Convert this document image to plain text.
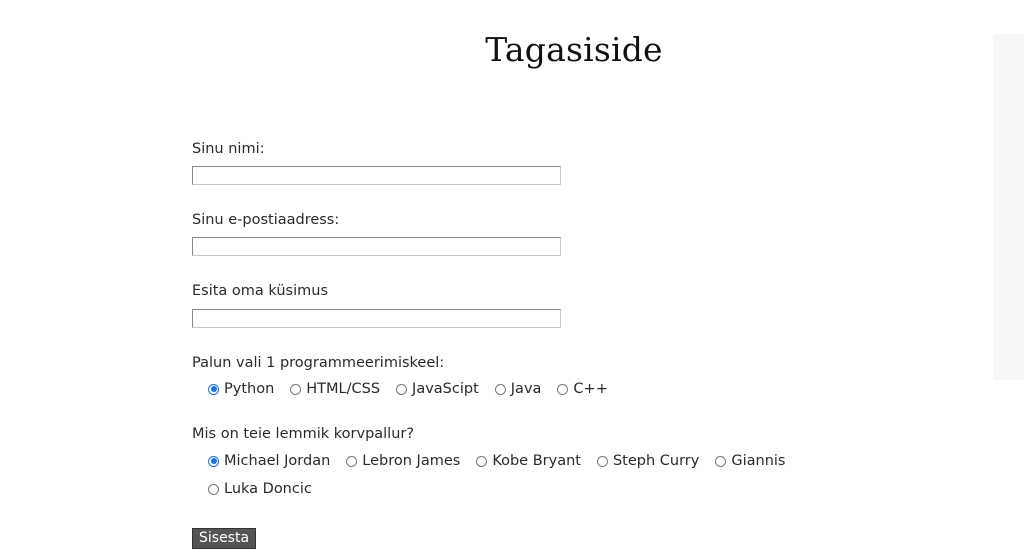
Tagasiside
Sinu nimi:
Sinu e-postiaadress:
Esita oma küsimus
Palun vali 1 programmeerimiskeel:
Python HTML/CSS JavaScipt Java C++
Mis on teie lemmik korvpallur?
Michael Jordan Lebron James Kobe Bryant Steph Curry Giannis
Luka Doncic
Sisesta
